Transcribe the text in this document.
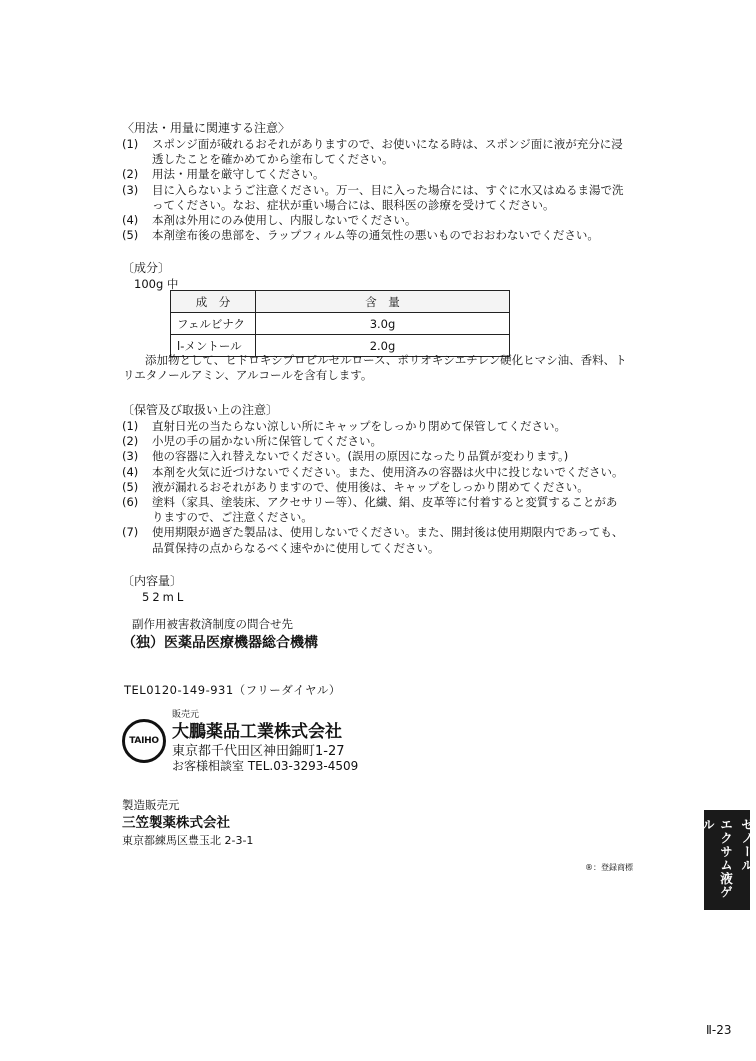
〈用法・用量に関連する注意〉
(1) スポンジ面が破れるおそれがありますので、お使いになる時は、スポンジ面に液が充分に浸
透したことを確かめてから塗布してください。
(2) 用法・用量を厳守してください。
(3) 目に入らないようご注意ください。万一、目に入った場合には、すぐに水又はぬるま湯で洗
ってください。なお、症状が重い場合には、眼科医の診療を受けてください。
(4) 本剤は外用にのみ使用し、内服しないでください。
(5) 本剤塗布後の患部を、ラップフィルム等の通気性の悪いものでおおわないでください。
〔成分〕
100g 中
成　分	含　量
フェルビナク	3.0g
l-メントール	2.0g
添加物として、ヒドロキシプロピルセルロース、ポリオキシエチレン硬化ヒマシ油、香料、ト
リエタノールアミン、アルコールを含有します。
〔保管及び取扱い上の注意〕
(1) 直射日光の当たらない涼しい所にキャップをしっかり閉めて保管してください。
(2) 小児の手の届かない所に保管してください。
(3) 他の容器に入れ替えないでください。(誤用の原因になったり品質が変わります。)
(4) 本剤を火気に近づけないでください。また、使用済みの容器は火中に投じないでください。
(5) 液が漏れるおそれがありますので、使用後は、キャップをしっかり閉めてください。
(6) 塗料（家具、塗装床、アクセサリー等）、化繊、絹、皮革等に付着すると変質することがあ
りますので、ご注意ください。
(7) 使用期限が過ぎた製品は、使用しないでください。また、開封後は使用期限内であっても、
品質保持の点からなるべく速やかに使用してください。
〔内容量〕
52mL
副作用被害救済制度の問合せ先
（独）医薬品医療機器総合機構
TEL0120-149-931（フリーダイヤル）
TAIHO
販売元
大鵬薬品工業株式会社
東京都千代田区神田錦町1-27
お客様相談室 TEL.03-3293-4509
製造販売元
三笠製薬株式会社
東京都練馬区豊玉北 2-3-1
®：登録商標	ゼノール
エクサム液ゲル
Ⅱ-23
